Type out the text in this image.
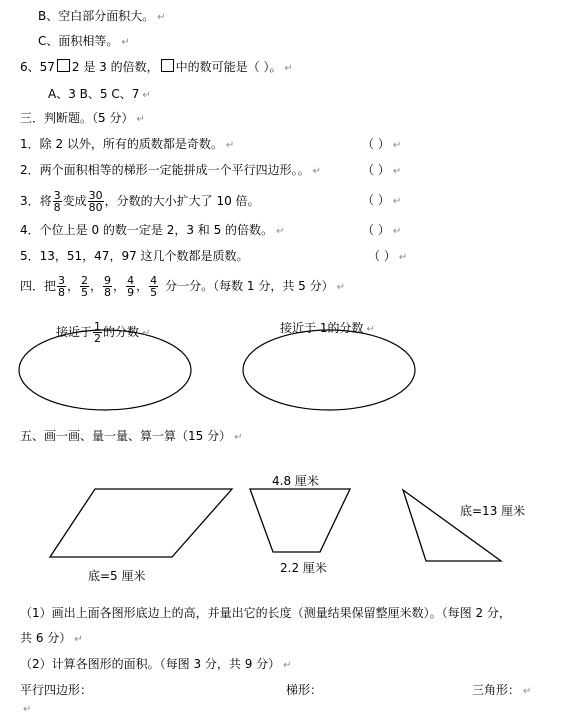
B、空白部分面积大。 ↵
C、面积相等。 ↵
6、57 2 是 3 的倍数， 中的数可能是（ ）。 ↵
A、3 B、5 C、7 ↵
三．判断题。（5 分） ↵
1．除 2 以外，所有的质数都是奇数。 ↵	（ ） ↵
2．两个面积相等的梯形一定能拼成一个平行四边形。。 ↵	（ ） ↵
3．将 $\frac{3}{8}$ 变成 $\frac{30}{80}$ ，分数的大小扩大了 10 倍。	（ ） ↵
4．个位上是 0 的数一定是 2，3 和 5 的倍数。 ↵	（ ） ↵
5．13，51，47，97 这几个数都是质数。	（ ） ↵
四．把 $\frac{3}{8}$ ， $\frac{2}{5}$ ， $\frac{9}{8}$ ， $\frac{4}{9}$ ， $\frac{4}{5}$ 分一分。（每数 1 分，共 5 分） ↵
接近于 $\frac{1}{2}$ 的分数 ↵	接近于 1的分数 ↵
五、画一画、量一量、算一算（15 分） ↵
4.8 厘米
2.2 厘米
底=13 厘米
底=5 厘米
（1）画出上面各图形底边上的高，并量出它的长度（测量结果保留整厘米数）。（每图 2 分，
共 6 分） ↵
（2）计算各图形的面积。（每图 3 分，共 9 分） ↵
平行四边形：	梯形：	三角形： ↵
↵
